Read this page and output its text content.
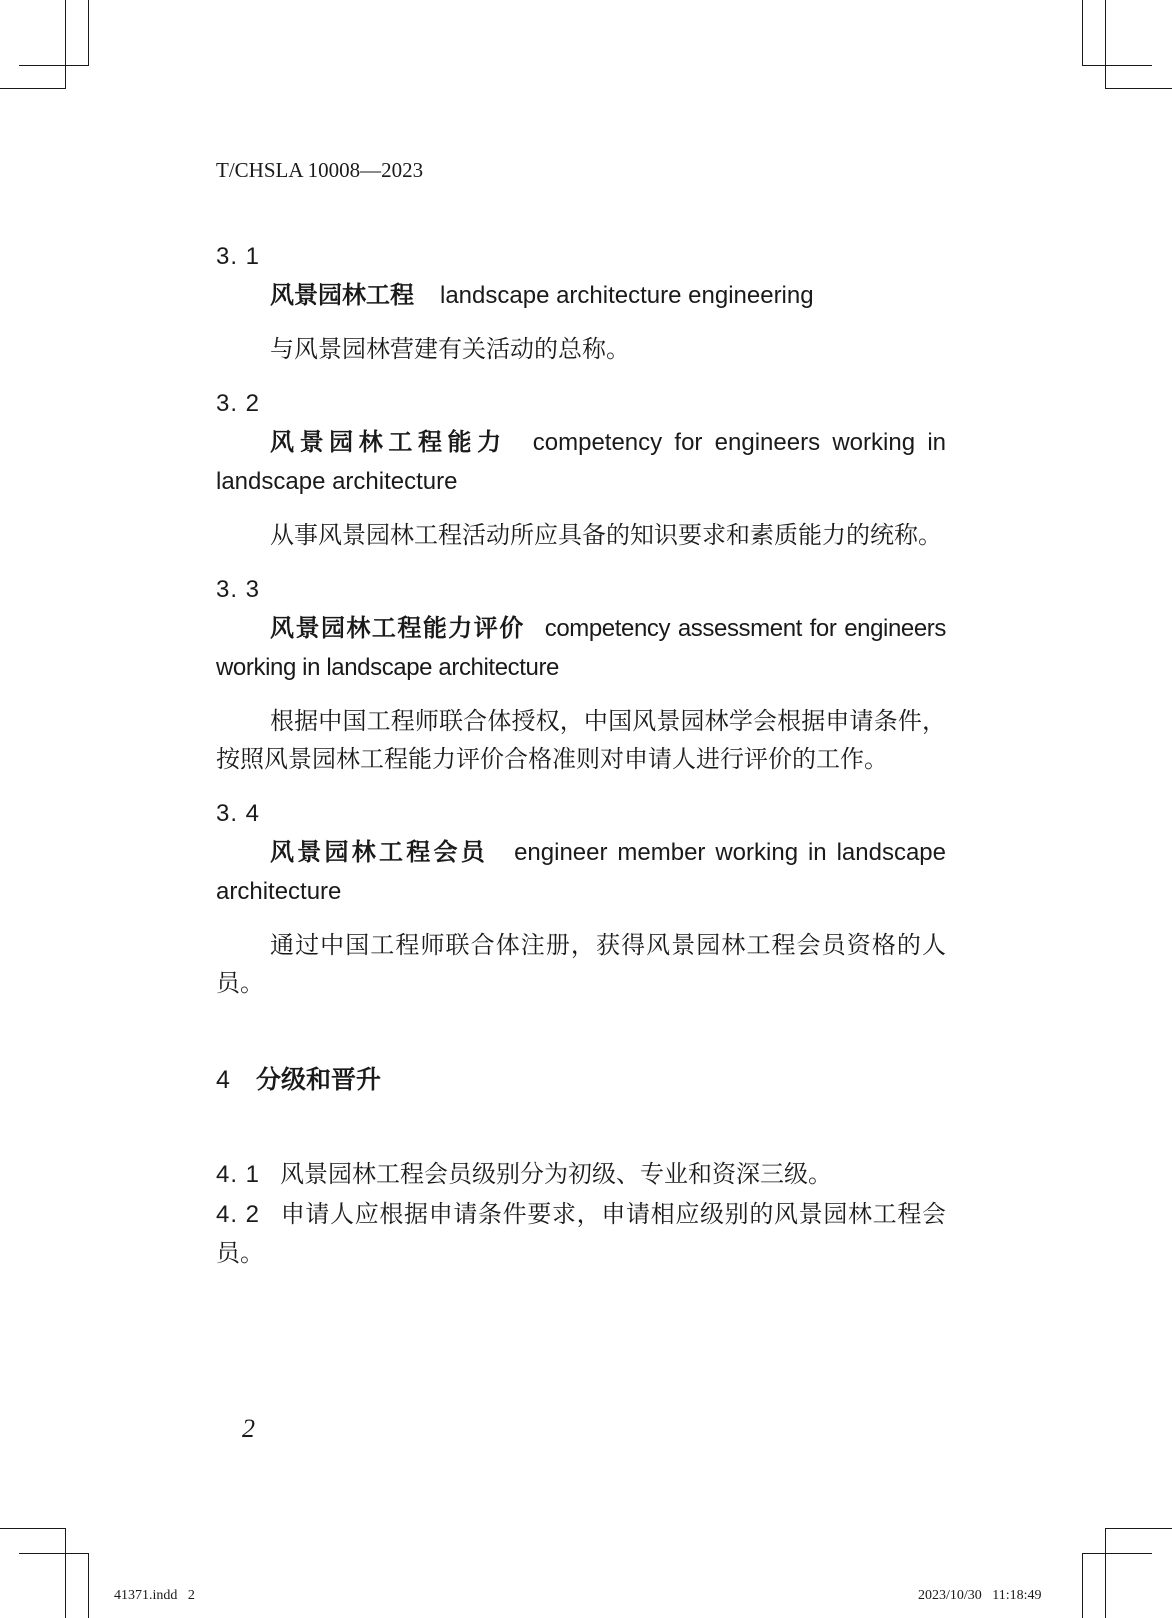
T/CHSLA 10008—2023
3. 1
风景园林工程 landscape architecture engineering
与风景园林营建有关活动的总称。
3. 2
风景园林工程能力 competency for engineers working in landscape architecture
从事风景园林工程活动所应具备的知识要求和素质能力的统称。
3. 3
风景园林工程能力评价 competency assessment for engineers working in landscape architecture
根据中国工程师联合体授权，中国风景园林学会根据申请条件，按照风景园林工程能力评价合格准则对申请人进行评价的工作。
3. 4
风景园林工程会员 engineer member working in landscape architecture
通过中国工程师联合体注册，获得风景园林工程会员资格的人员。
4 分级和晋升
4. 1 风景园林工程会员级别分为初级、专业和资深三级。
4. 2 申请人应根据申请条件要求，申请相应级别的风景园林工程会员。
2
41371.indd   2	2023/10/30   11:18:49
